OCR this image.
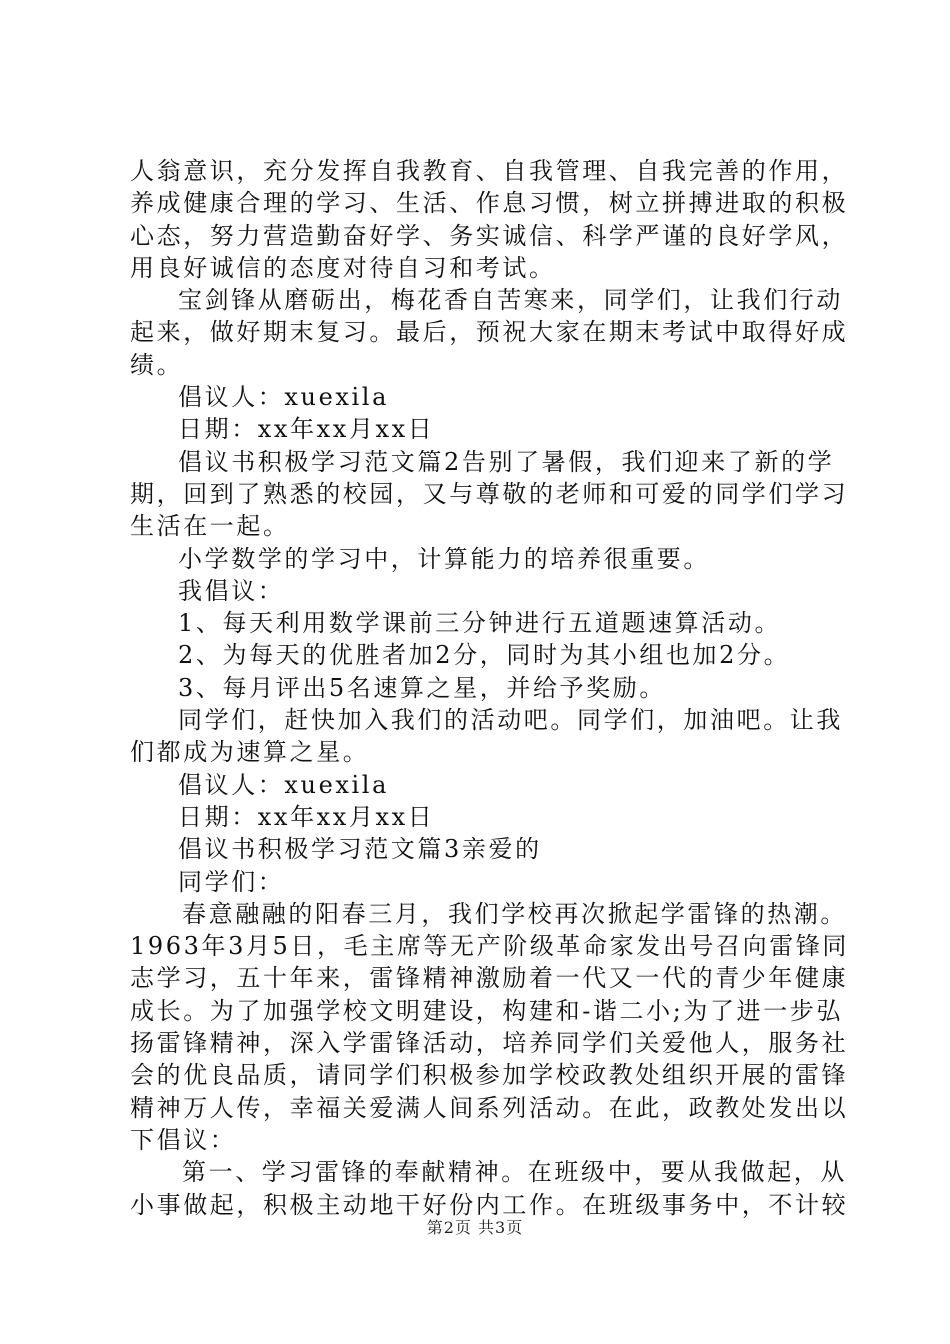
人翁意识，充分发挥自我教育、自我管理、自我完善的作用，
养成健康合理的学习、生活、作息习惯，树立拼搏进取的积极
心态，努力营造勤奋好学、务实诚信、科学严谨的良好学风，
用良好诚信的态度对待自习和考试。
宝剑锋从磨砺出，梅花香自苦寒来，同学们，让我们行动
起来，做好期末复习。最后，预祝大家在期末考试中取得好成
绩。
倡议人：xuexila
日期：xx年xx月xx日
倡议书积极学习范文篇2告别了暑假，我们迎来了新的学
期，回到了熟悉的校园，又与尊敬的老师和可爱的同学们学习
生活在一起。
小学数学的学习中，计算能力的培养很重要。
我倡议：
1、每天利用数学课前三分钟进行五道题速算活动。
2、为每天的优胜者加2分，同时为其小组也加2分。
3、每月评出5名速算之星，并给予奖励。
同学们，赶快加入我们的活动吧。同学们，加油吧。让我
们都成为速算之星。
倡议人：xuexila
日期：xx年xx月xx日
倡议书积极学习范文篇3亲爱的
同学们：
春意融融的阳春三月，我们学校再次掀起学雷锋的热潮。
1963年3月5日，毛主席等无产阶级革命家发出号召向雷锋同
志学习，五十年来，雷锋精神激励着一代又一代的青少年健康
成长。为了加强学校文明建设，构建和-谐二小;为了进一步弘
扬雷锋精神，深入学雷锋活动，培养同学们关爱他人，服务社
会的优良品质，请同学们积极参加学校政教处组织开展的雷锋
精神万人传，幸福关爱满人间系列活动。在此，政教处发出以
下倡议：
第一、学习雷锋的奉献精神。在班级中，要从我做起，从
小事做起，积极主动地干好份内工作。在班级事务中，不计较
第2页 共3页
